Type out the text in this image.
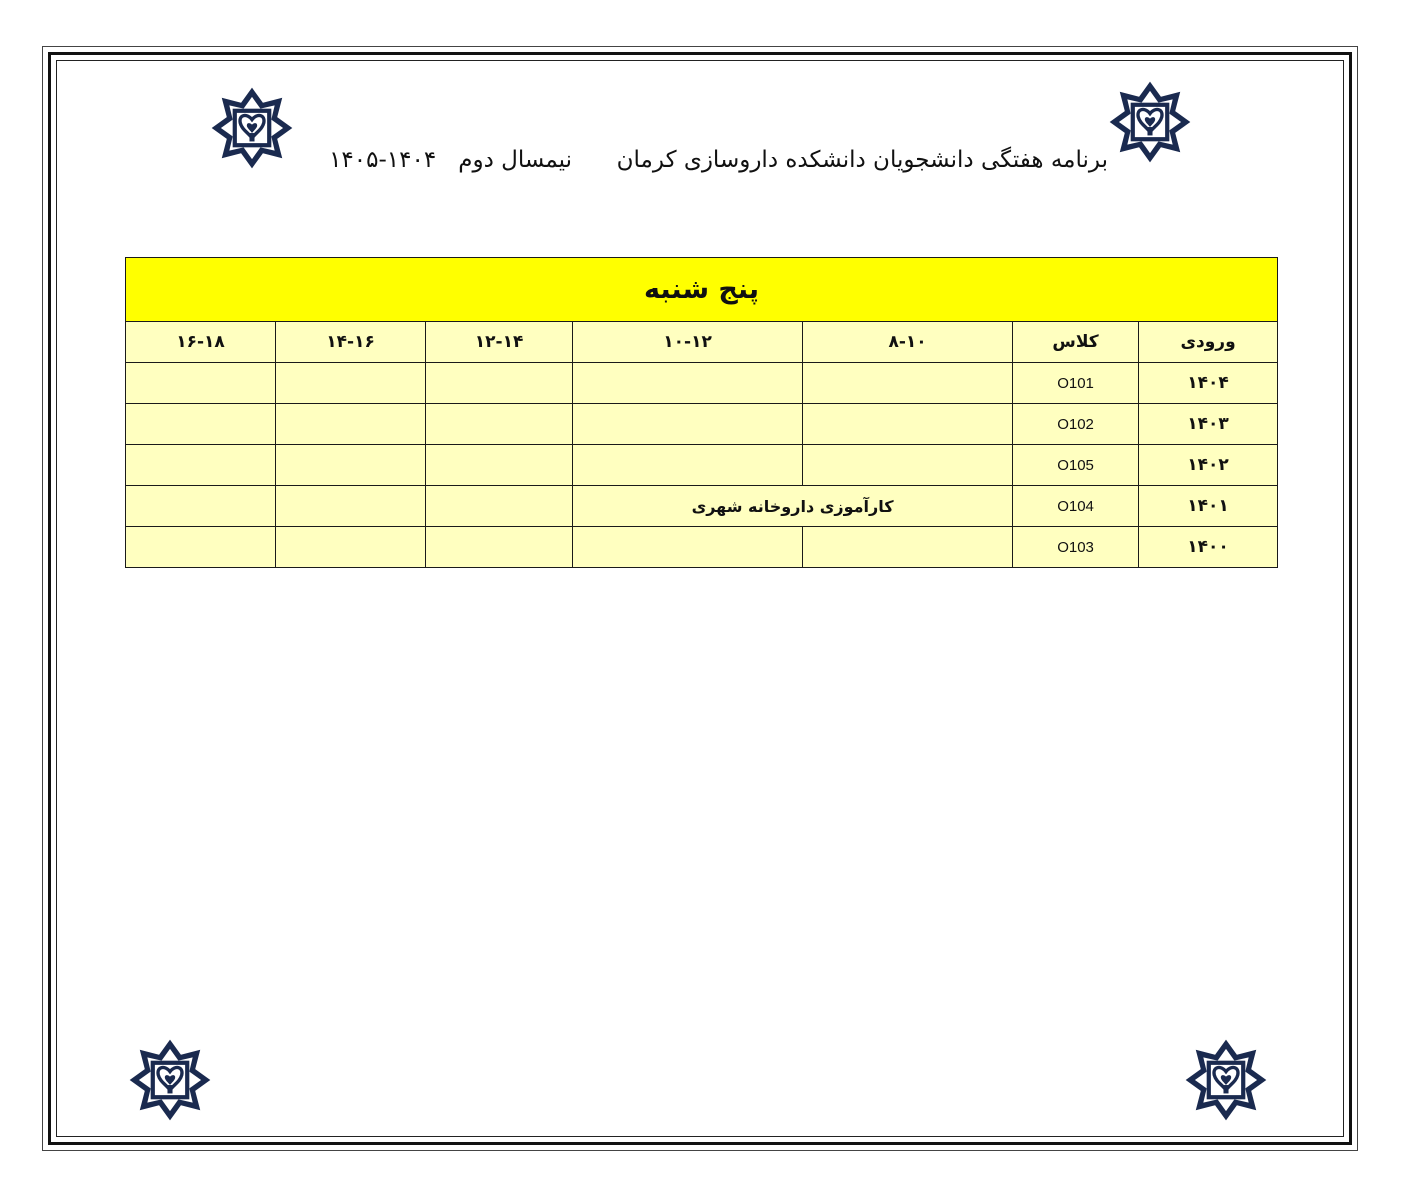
برنامه هفتگی دانشجویان دانشکده داروسازی کرمان
نیمسال دوم۱۴۰۴-۱۴۰۵
پنج شنبه						
ورودی	کلاس	۸-۱۰	۱۰-۱۲	۱۲-۱۴	۱۴-۱۶	۱۶-۱۸
۱۴۰۴	O101					
۱۴۰۳	O102					
۱۴۰۲	O105					
۱۴۰۱	O104	کارآموزی داروخانه شهری				
۱۴۰۰	O103					
